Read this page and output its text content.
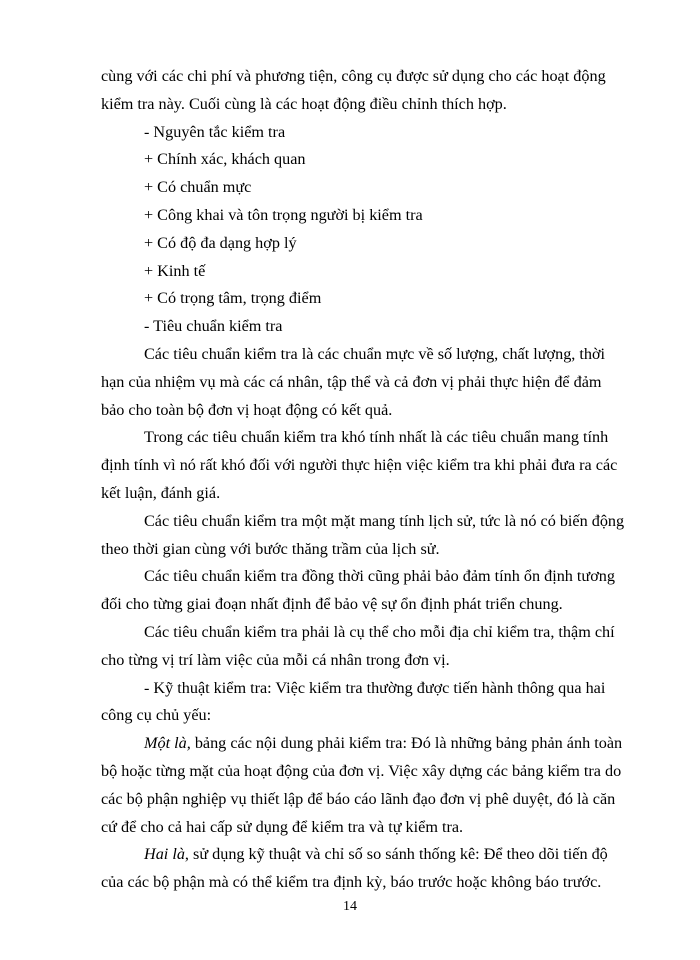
cùng với các chi phí và phương tiện, công cụ được sử dụng cho các hoạt động
kiểm tra này. Cuối cùng là các hoạt động điều chỉnh thích hợp.
- Nguyên tắc kiểm tra
+ Chính xác, khách quan
+ Có chuẩn mực
+ Công khai và tôn trọng người bị kiểm tra
+ Có độ đa dạng hợp lý
+ Kinh tế
+ Có trọng tâm, trọng điểm
- Tiêu chuẩn kiểm tra
Các tiêu chuẩn kiểm tra là các chuẩn mực về số lượng, chất lượng, thời
hạn của nhiệm vụ mà các cá nhân, tập thể và cả đơn vị phải thực hiện để đảm
bảo cho toàn bộ đơn vị hoạt động có kết quả.
Trong các tiêu chuẩn kiểm tra khó tính nhất là các tiêu chuẩn mang tính
định tính vì nó rất khó đối với người thực hiện việc kiểm tra khi phải đưa ra các
kết luận, đánh giá.
Các tiêu chuẩn kiểm tra một mặt mang tính lịch sử, tức là nó có biến động
theo thời gian cùng với bước thăng trầm của lịch sử.
Các tiêu chuẩn kiểm tra đồng thời cũng phải bảo đảm tính ổn định tương
đối cho từng giai đoạn nhất định để bảo vệ sự ổn định phát triển chung.
Các tiêu chuẩn kiểm tra phải là cụ thể cho mỗi địa chỉ kiểm tra, thậm chí
cho từng vị trí làm việc của mỗi cá nhân trong đơn vị.
- Kỹ thuật kiểm tra: Việc kiểm tra thường được tiến hành thông qua hai
công cụ chủ yếu:
Một là, bảng các nội dung phải kiểm tra: Đó là những bảng phản ánh toàn
bộ hoặc từng mặt của hoạt động của đơn vị. Việc xây dựng các bảng kiểm tra do
các bộ phận nghiệp vụ thiết lập để báo cáo lãnh đạo đơn vị phê duyệt, đó là căn
cứ để cho cả hai cấp sử dụng để kiểm tra và tự kiểm tra.
Hai là, sử dụng kỹ thuật và chỉ số so sánh thống kê: Để theo dõi tiến độ
của các bộ phận mà có thể kiểm tra định kỳ, báo trước hoặc không báo trước.
14
